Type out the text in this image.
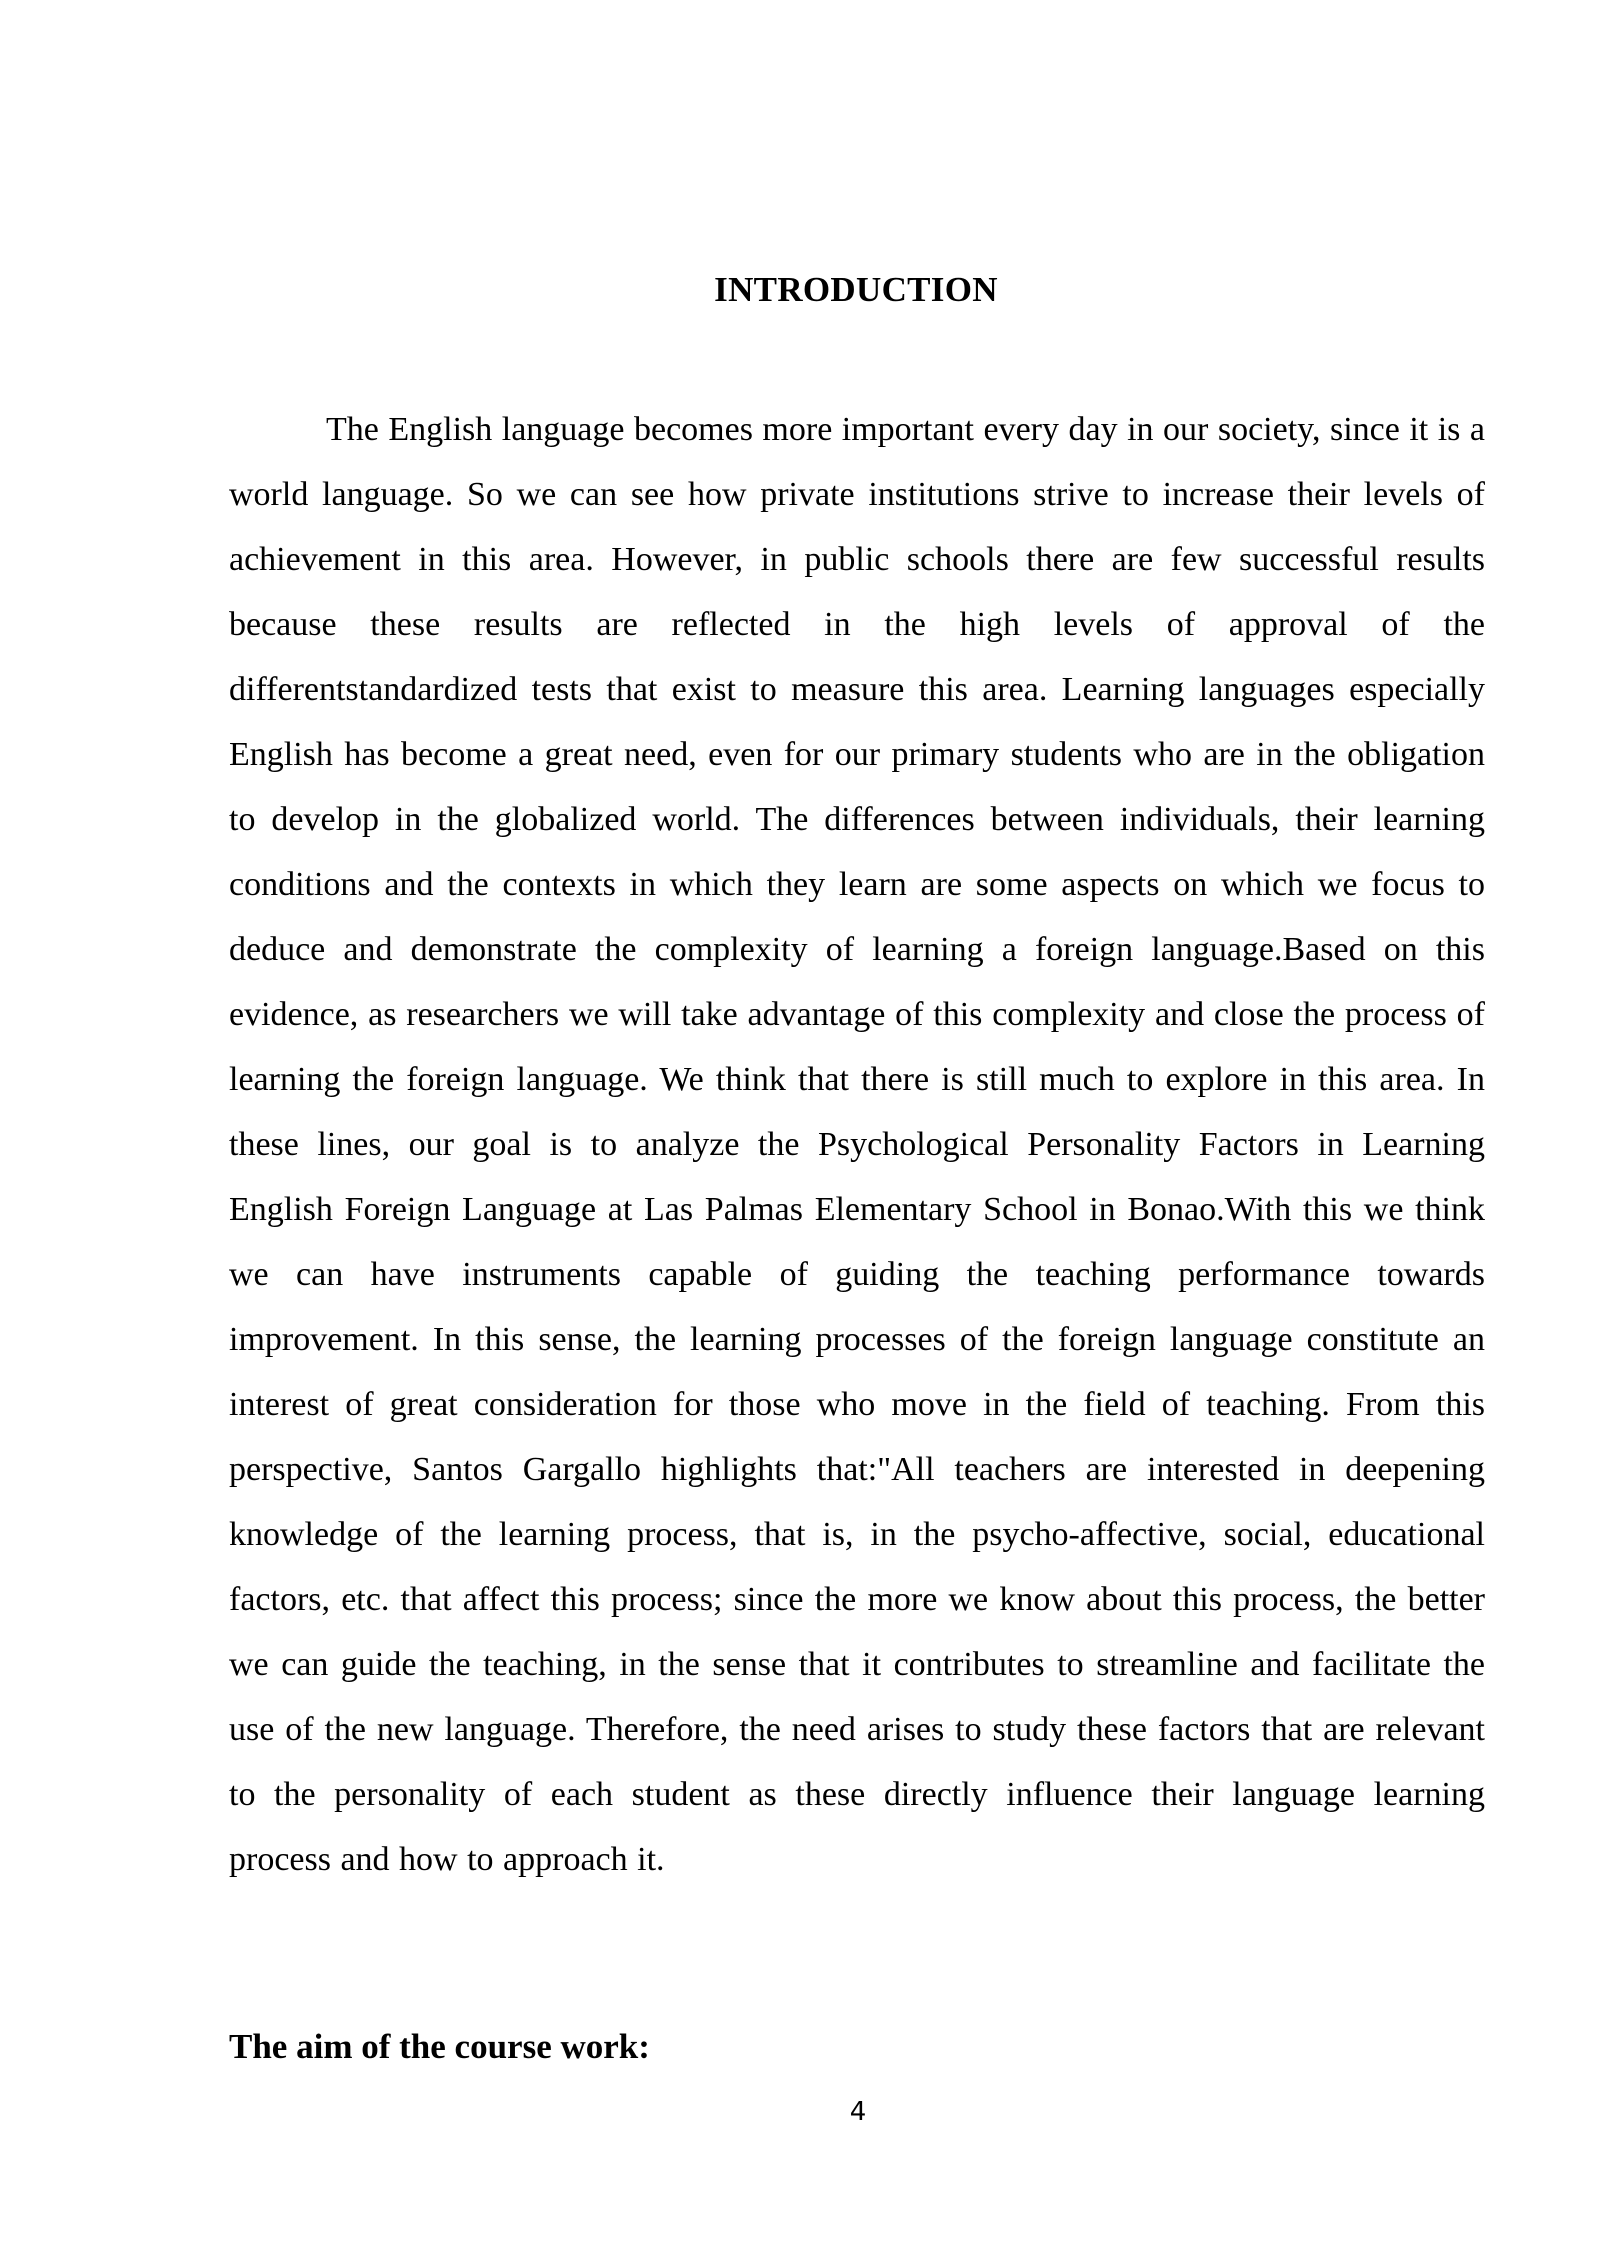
INTRODUCTION

The English language becomes more important every day in our society, since it is a world language. So we can see how private institutions strive to increase their levels of achievement in this area. However, in public schools there are few successful results because these results are reflected in the high levels of approval of the differentstandardized tests that exist to measure this area. Learning languages especially English has become a great need, even for our primary students who are in the obligation to develop in the globalized world. The differences between individuals, their learning conditions and the contexts in which they learn are some aspects on which we focus to deduce and demonstrate the complexity of learning a foreign language.Based on this evidence, as researchers we will take advantage of this complexity and close the process of learning the foreign language. We think that there is still much to explore in this area. In these lines, our goal is to analyze the Psychological Personality Factors in Learning English Foreign Language at Las Palmas Elementary School in Bonao.With this we think we can have instruments capable of guiding the teaching performance towards improvement. In this sense, the learning processes of the foreign language constitute an interest of great consideration for those who move in the field of teaching. From this perspective, Santos Gargallo highlights that:"All teachers are interested in deepening knowledge of the learning process, that is, in the psycho-affective, social, educational factors, etc. that affect this process; since the more we know about this process, the better we can guide the teaching, in the sense that it contributes to streamline and facilitate the use of the new language. Therefore, the need arises to study these factors that are relevant to the personality of each student as these directly influence their language learning process and how to approach it.

The aim of the course work:
4
